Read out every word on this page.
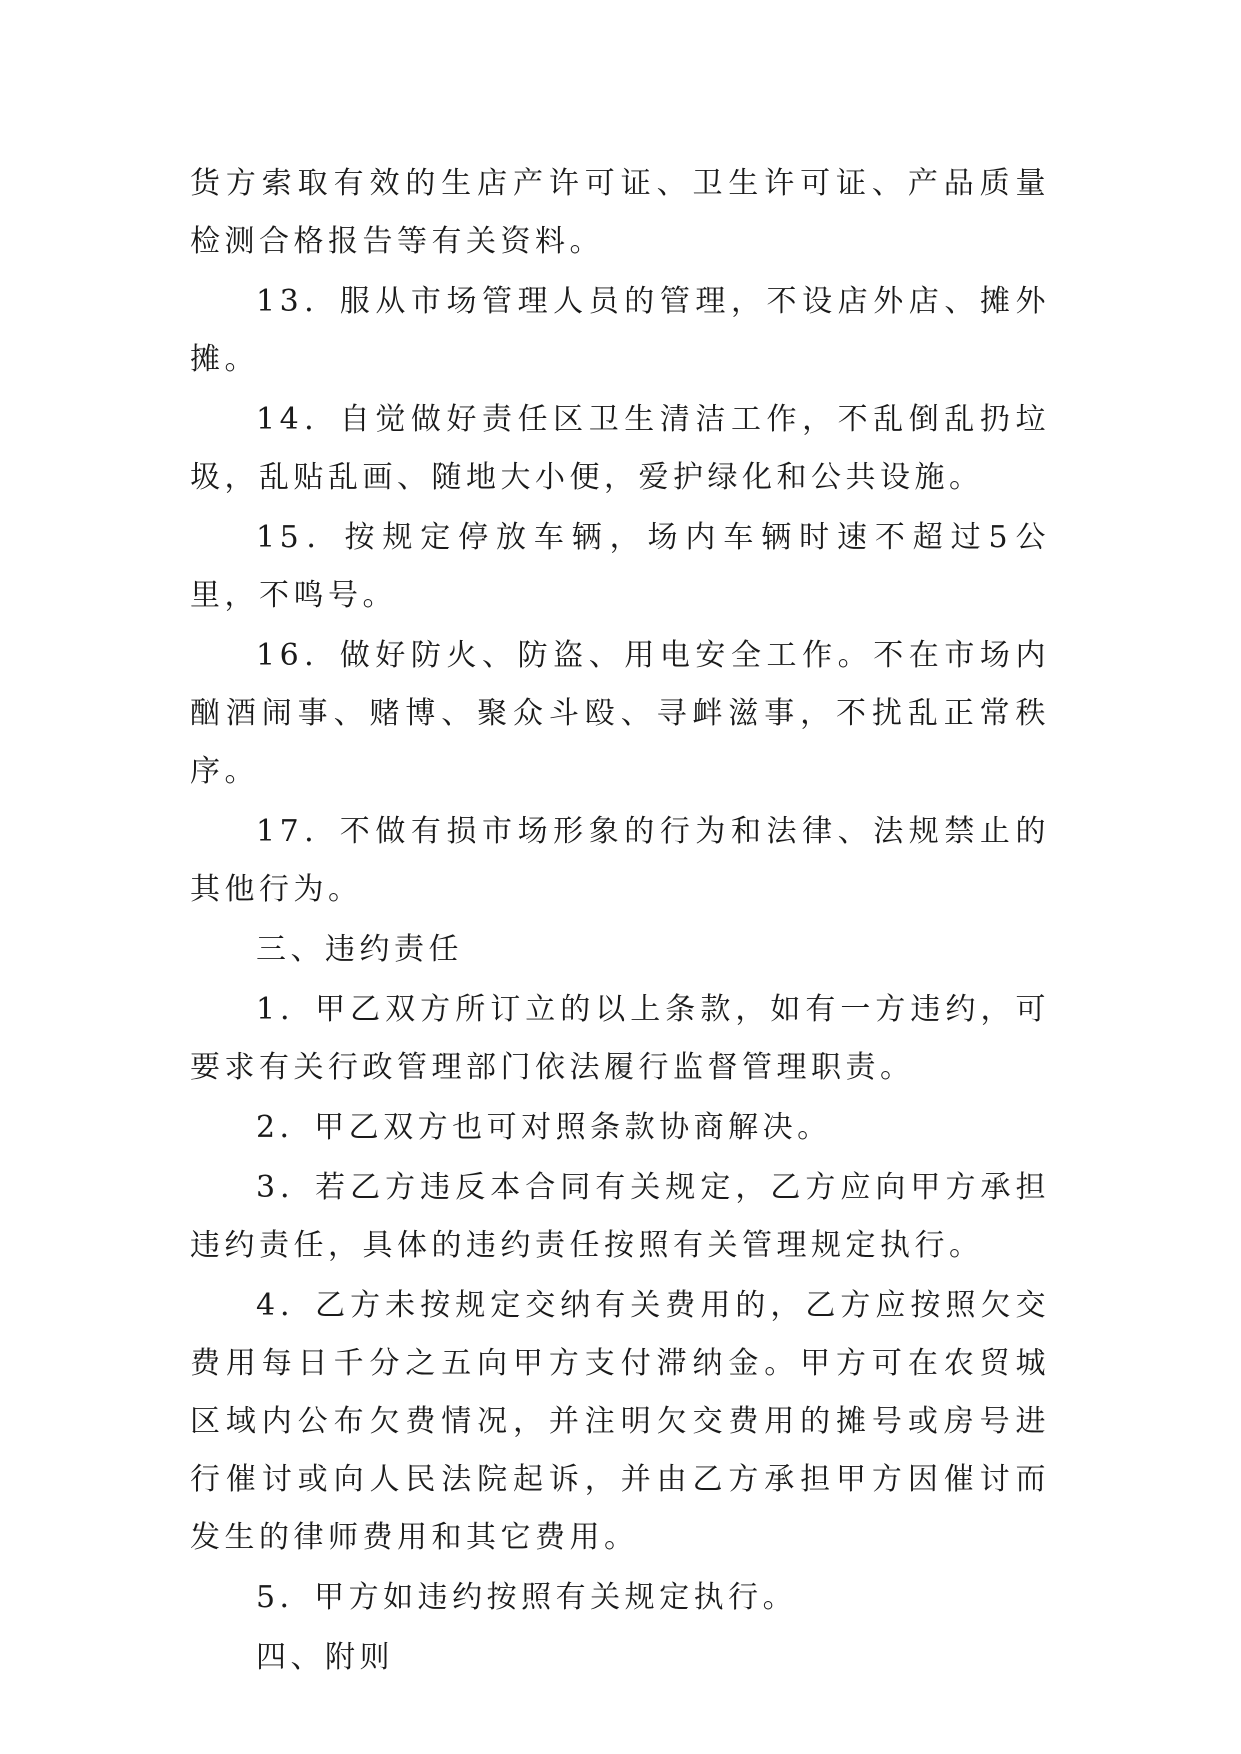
货方索取有效的生店产许可证、卫生许可证、产品质量检测合格报告等有关资料。

13．服从市场管理人员的管理，不设店外店、摊外摊。

14．自觉做好责任区卫生清洁工作，不乱倒乱扔垃圾，乱贴乱画、随地大小便，爱护绿化和公共设施。

15．按规定停放车辆，场内车辆时速不超过5公里，不鸣号。

16．做好防火、防盗、用电安全工作。不在市场内酗酒闹事、赌博、聚众斗殴、寻衅滋事，不扰乱正常秩序。

17．不做有损市场形象的行为和法律、法规禁止的其他行为。

三、违约责任

1．甲乙双方所订立的以上条款，如有一方违约，可要求有关行政管理部门依法履行监督管理职责。

2．甲乙双方也可对照条款协商解决。

3．若乙方违反本合同有关规定，乙方应向甲方承担违约责任，具体的违约责任按照有关管理规定执行。

4．乙方未按规定交纳有关费用的，乙方应按照欠交费用每日千分之五向甲方支付滞纳金。甲方可在农贸城区域内公布欠费情况，并注明欠交费用的摊号或房号进行催讨或向人民法院起诉，并由乙方承担甲方因催讨而发生的律师费用和其它费用。

5．甲方如违约按照有关规定执行。

四、附则
